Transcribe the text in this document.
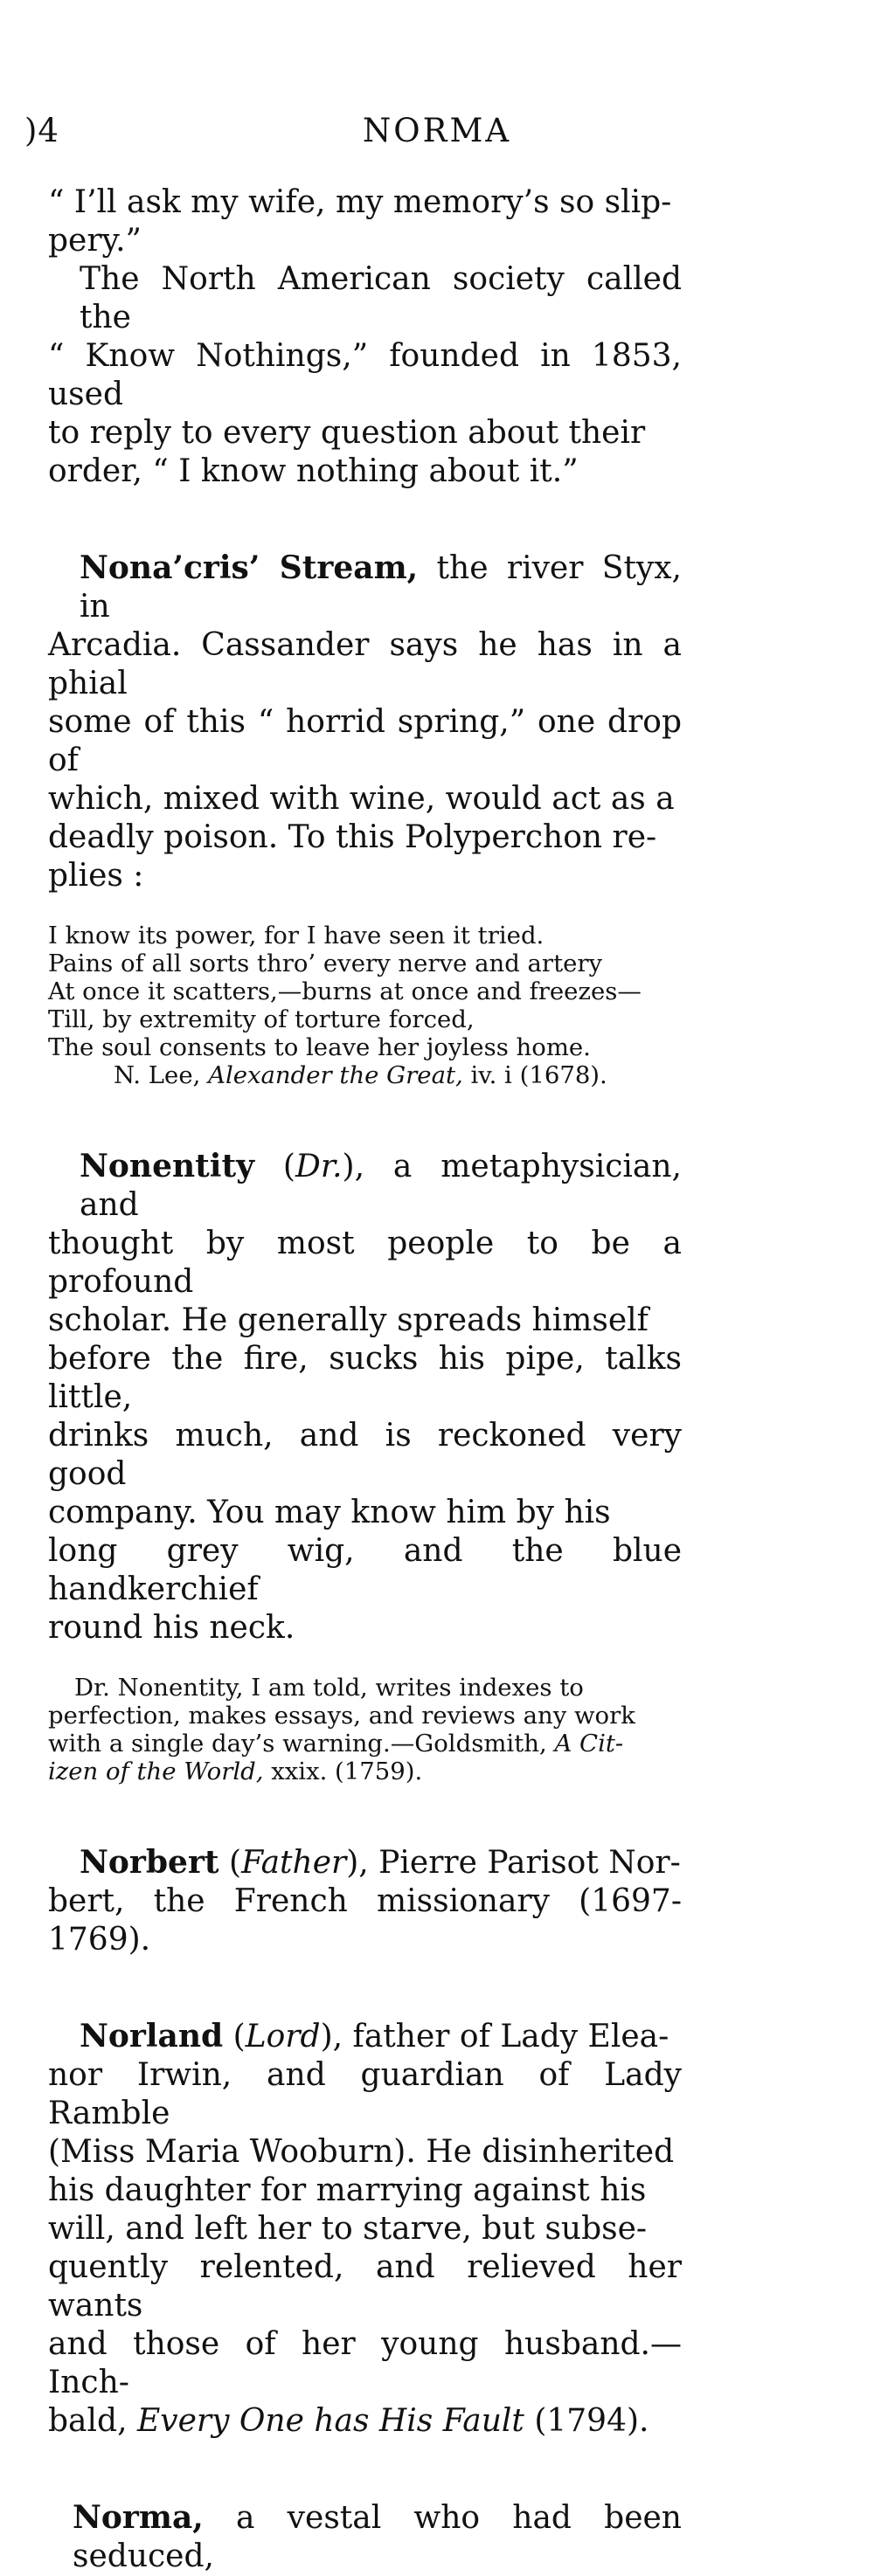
)4	NORMA
“ I’ll ask my wife, my memory’s so slip-
pery.”
The North American society called the
“ Know Nothings,” founded in 1853, used
to reply to every question about their
order, “ I know nothing about it.”
Nona’cris’ Stream, the river Styx, in
Arcadia. Cassander says he has in a phial
some of this “ horrid spring,” one drop of
which, mixed with wine, would act as a
deadly poison. To this Polyperchon re-
plies :
I know its power, for I have seen it tried.
Pains of all sorts thro’ every nerve and artery
At once it scatters,—burns at once and freezes—
Till, by extremity of torture forced,
The soul consents to leave her joyless home.
N. Lee, Alexander the Great, iv. i (1678).
Nonentity (Dr.), a metaphysician, and
thought by most people to be a profound
scholar. He generally spreads himself
before the fire, sucks his pipe, talks little,
drinks much, and is reckoned very good
company. You may know him by his
long grey wig, and the blue handkerchief
round his neck.
Dr. Nonentity, I am told, writes indexes to
perfection, makes essays, and reviews any work
with a single day’s warning.—Goldsmith, A Cit-
izen of the World, xxix. (1759).
Norbert (Father), Pierre Parisot Nor-
bert, the French missionary (1697-1769).
Norland (Lord), father of Lady Elea-
nor Irwin, and guardian of Lady Ramble
(Miss Maria Wooburn). He disinherited
his daughter for marrying against his
will, and left her to starve, but subse-
quently relented, and relieved her wants
and those of her young husband.—Inch-
bald, Every One has His Fault (1794).
Norma, a vestal who had been seduced,
